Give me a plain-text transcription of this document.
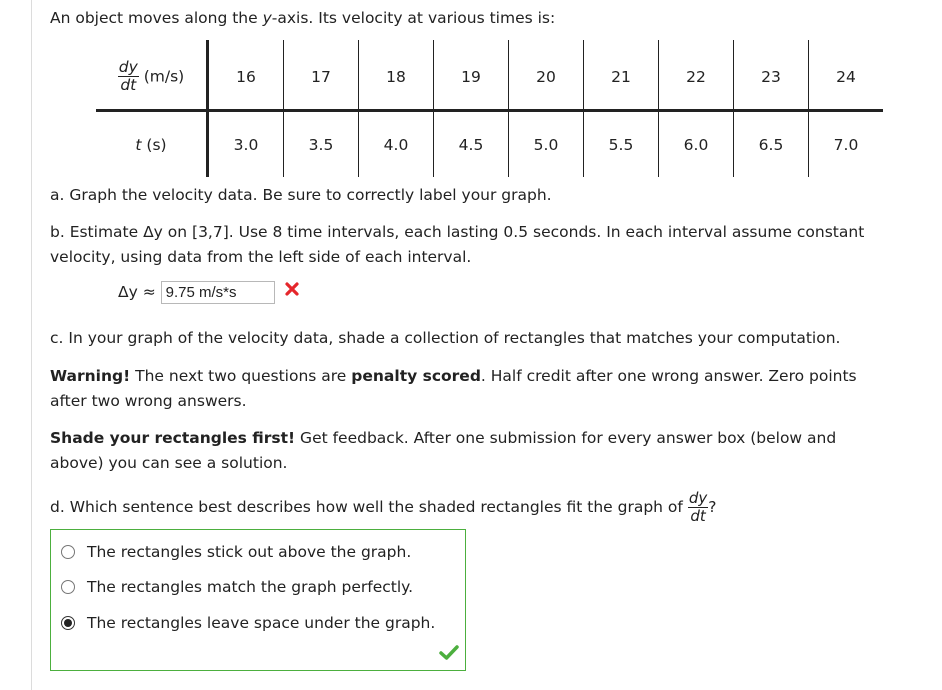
An object moves along the y-axis. Its velocity at various times is:

$\frac{dy}{dt} (m/s)$	16	17	18	19	20	21	22	23	24
t (s)	3.0	3.5	4.0	4.5	5.0	5.5	6.0	6.5	7.0

a. Graph the velocity data. Be sure to correctly label your graph.

b. Estimate Δy on [3,7]. Use 8 time intervals, each lasting 0.5 seconds. In each interval assume constant

velocity, using data from the left side of each interval.

Δy ≈ 9.75 m/s*s

c. In your graph of the velocity data, shade a collection of rectangles that matches your computation.

Warning! The next two questions are penalty scored. Half credit after one wrong answer. Zero points

after two wrong answers.

Shade your rectangles first! Get feedback. After one submission for every answer box (below and

above) you can see a solution.

d. Which sentence best describes how well the shaded rectangles fit the graph of $\frac{dy}{dt}$ ?
The rectangles stick out above the graph.
The rectangles match the graph perfectly.
The rectangles leave space under the graph.
